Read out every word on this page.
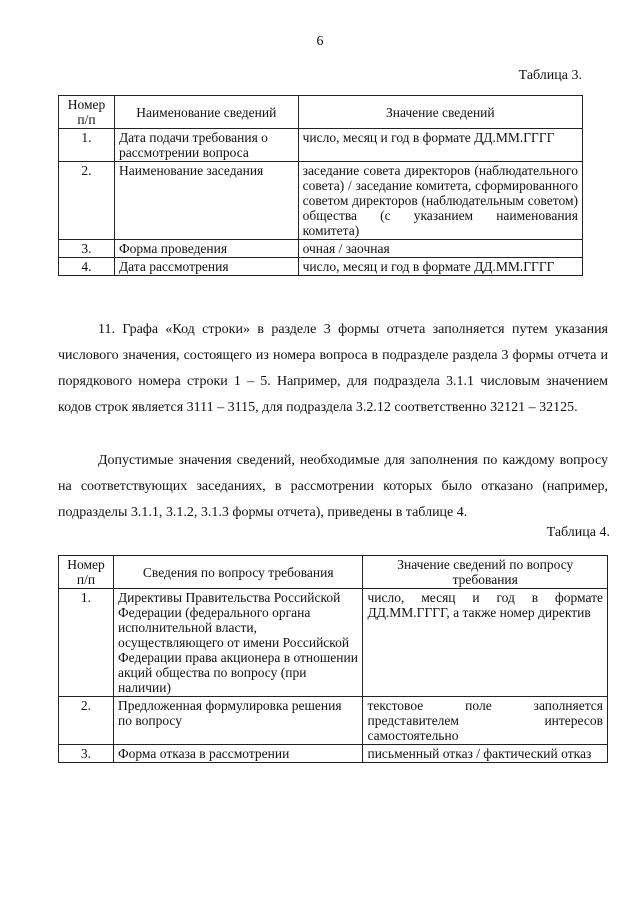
6
Таблица 3.
Номер п/п	Наименование сведений	Значение сведений
1.	Дата подачи требования о рассмотрении вопроса	число, месяц и год в формате ДД.ММ.ГГГГ
2.	Наименование заседания	заседание совета директоров (наблюдательного совета) / заседание комитета, сформированного советом директоров (наблюдательным советом) общества (с указанием наименования комитета)
3.	Форма проведения	очная / заочная
4.	Дата рассмотрения	число, месяц и год в формате ДД.ММ.ГГГГ
11. Графа «Код строки» в разделе 3 формы отчета заполняется путем указания числового значения, состоящего из номера вопроса в подразделе раздела 3 формы отчета и порядкового номера строки 1 – 5. Например, для подраздела 3.1.1 числовым значением кодов строк является 3111 – 3115, для подраздела 3.2.12 соответственно 32121 – 32125.
Допустимые значения сведений, необходимые для заполнения по каждому вопросу на соответствующих заседаниях, в рассмотрении которых было отказано (например, подразделы 3.1.1, 3.1.2, 3.1.3 формы отчета), приведены в таблице 4.
Таблица 4.
Номер п/п	Сведения по вопросу требования	Значение сведений по вопросу требования
1.	Директивы Правительства Российской Федерации (федерального органа исполнительной власти, осуществляющего от имени Российской Федерации права акционера в отношении акций общества по вопросу (при наличии)	число, месяц и год в формате ДД.ММ.ГГГГ, а также номер директив
2.	Предложенная формулировка решения по вопросу	текстовое поле заполняется представителем интересов самостоятельно
3.	Форма отказа в рассмотрении	письменный отказ / фактический отказ
